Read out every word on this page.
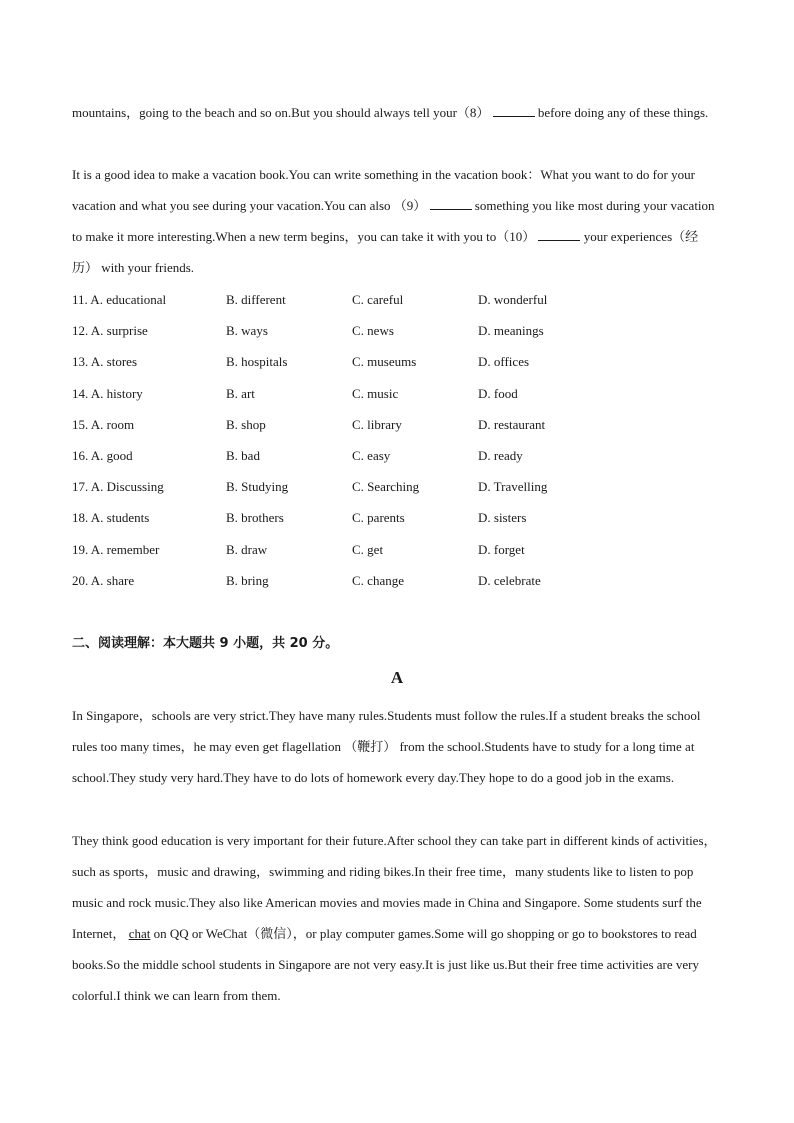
mountains，going to the beach and so on.But you should always tell your（8）	before doing any of these things.

It is a good idea to make a vacation book.You can write something in the vacation book：What you want to do for your vacation and what you see during your vacation.You can also （9）	something you like most during your vacation to make it more interesting.When a new term begins，you can take it with you to（10）	your experiences（经历） with your friends.

11. A. educational	B. different	C. careful	D. wonderful
12. A. surprise	B. ways	C. news	D. meanings
13. A. stores	B. hospitals	C. museums	D. offices
14. A. history	B. art	C. music	D. food
15. A. room	B. shop	C. library	D. restaurant
16. A. good	B. bad	C. easy	D. ready
17. A. Discussing	B. Studying	C. Searching	D. Travelling
18. A. students	B. brothers	C. parents	D. sisters
19. A. remember	B. draw	C. get	D. forget
20. A. share	B. bring	C. change	D. celebrate
二、阅读理解：本大题共 9 小题，共 20 分。
A

In Singapore，schools are very strict.They have many rules.Students must follow the rules.If a student breaks the school rules too many times，he may even get flagellation （鞭打） from the school.Students have to study for a long time at school.They study very hard.They have to do lots of homework every day.They hope to do a good job in the exams.

They think good education is very important for their future.After school they can take part in different kinds of activities，such as sports，music and drawing，swimming and riding bikes.In their free time，many students like to listen to pop music and rock music.They also like American movies and movies made in China and Singapore. Some students surf the Internet， chat on QQ or WeChat（微信），or play computer games.Some will go shopping or go to bookstores to read books.So the middle school students in Singapore are not very easy.It is just like us.But their free time activities are very colorful.I think we can learn from them.
